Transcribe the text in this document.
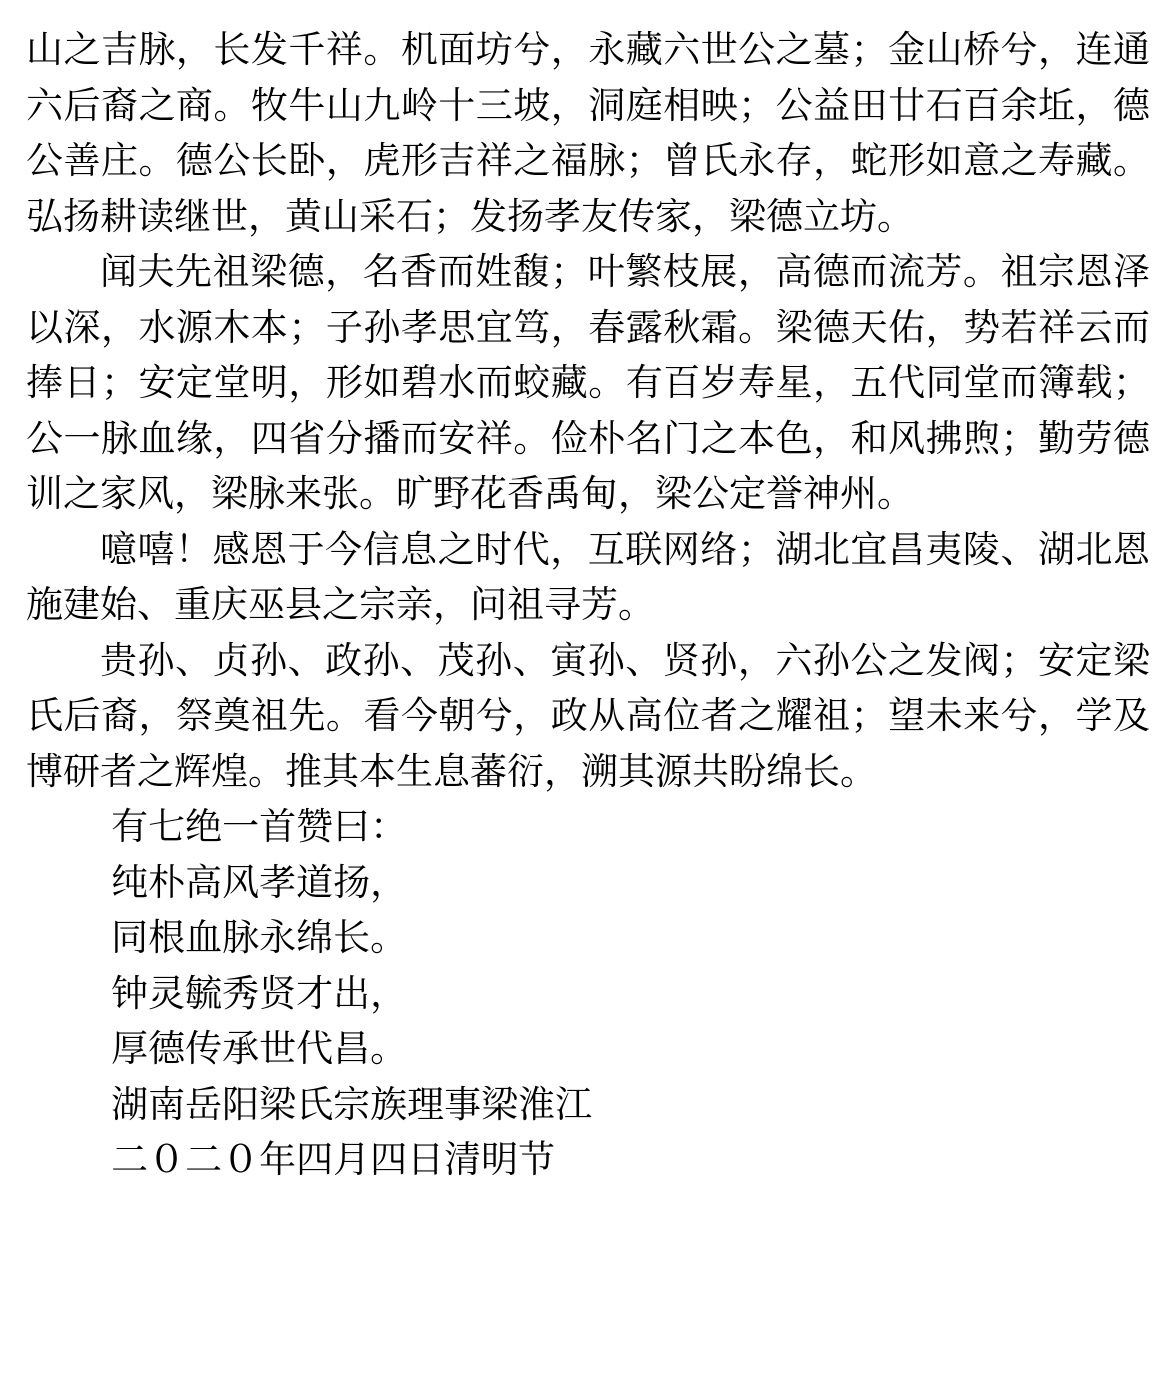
山之吉脉，长发千祥。机面坊兮，永藏六世公之墓；金山桥兮，连通六后裔之商。牧牛山九岭十三坡，洞庭相映；公益田廿石百余坵，德公善庄。德公长卧，虎形吉祥之福脉；曾氏永存，蛇形如意之寿藏。弘扬耕读继世，黄山采石；发扬孝友传家，梁德立坊。

闻夫先祖梁德，名香而姓馥；叶繁枝展，高德而流芳。祖宗恩泽以深，水源木本；子孙孝思宜笃，春露秋霜。梁德天佑，势若祥云而捧日；安定堂明，形如碧水而蛟藏。有百岁寿星，五代同堂而簿载；公一脉血缘，四省分播而安祥。俭朴名门之本色，和风拂煦；勤劳德训之家风，梁脉来张。旷野花香禹甸，梁公定誉神州。

噫嘻！感恩于今信息之时代，互联网络；湖北宜昌夷陵、湖北恩施建始、重庆巫县之宗亲，问祖寻芳。

贵孙、贞孙、政孙、茂孙、寅孙、贤孙，六孙公之发阀；安定梁氏后裔，祭奠祖先。看今朝兮，政从高位者之耀祖；望未来兮，学及博研者之辉煌。推其本生息蕃衍，溯其源共盼绵长。

有七绝一首赞曰：

纯朴高风孝道扬，

同根血脉永绵长。

钟灵毓秀贤才出，

厚德传承世代昌。

湖南岳阳梁氏宗族理事梁淮江

二０二０年四月四日清明节
